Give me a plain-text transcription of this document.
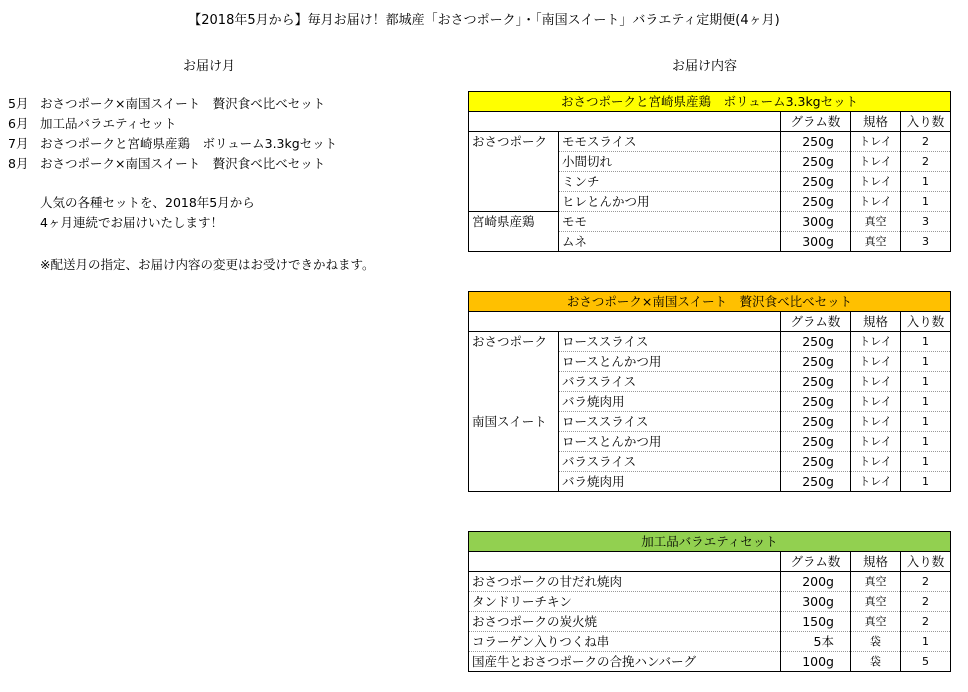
【2018年5月から】毎月お届け！都城産「おさつポーク」・「南国スイート」バラエティ定期便(4ヶ月)
お届け月	お届け内容
5月 おさつポーク×南国スイート　贅沢食べ比べセット
6月 加工品バラエティセット
7月 おさつポークと宮崎県産鶏　ボリューム3.3kgセット
8月 おさつポーク×南国スイート　贅沢食べ比べセット
人気の各種セットを、2018年5月から
4ヶ月連続でお届けいたします！
※配送月の指定、お届け内容の変更はお受けできかねます。
おさつポークと宮崎県産鶏　ボリューム3.3kgセット				
		グラム数	規格	入り数
おさつポーク	モモスライス	250g	トレイ	2
	小間切れ	250g	トレイ	2
	ミンチ	250g	トレイ	1
	ヒレとんかつ用	250g	トレイ	1
宮崎県産鶏	モモ	300g	真空	3
	ムネ	300g	真空	3
おさつポーク×南国スイート　贅沢食べ比べセット				
		グラム数	規格	入り数
おさつポーク	ローススライス	250g	トレイ	1
	ロースとんかつ用	250g	トレイ	1
	バラスライス	250g	トレイ	1
	バラ焼肉用	250g	トレイ	1
南国スイート	ローススライス	250g	トレイ	1
	ロースとんかつ用	250g	トレイ	1
	バラスライス	250g	トレイ	1
	バラ焼肉用	250g	トレイ	1
加工品バラエティセット			
	グラム数	規格	入り数
おさつポークの甘だれ焼肉	200g	真空	2
タンドリーチキン	300g	真空	2
おさつポークの炭火焼	150g	真空	2
コラーゲン入りつくね串	5本	袋	1
国産牛とおさつポークの合挽ハンバーグ	100g	袋	5
